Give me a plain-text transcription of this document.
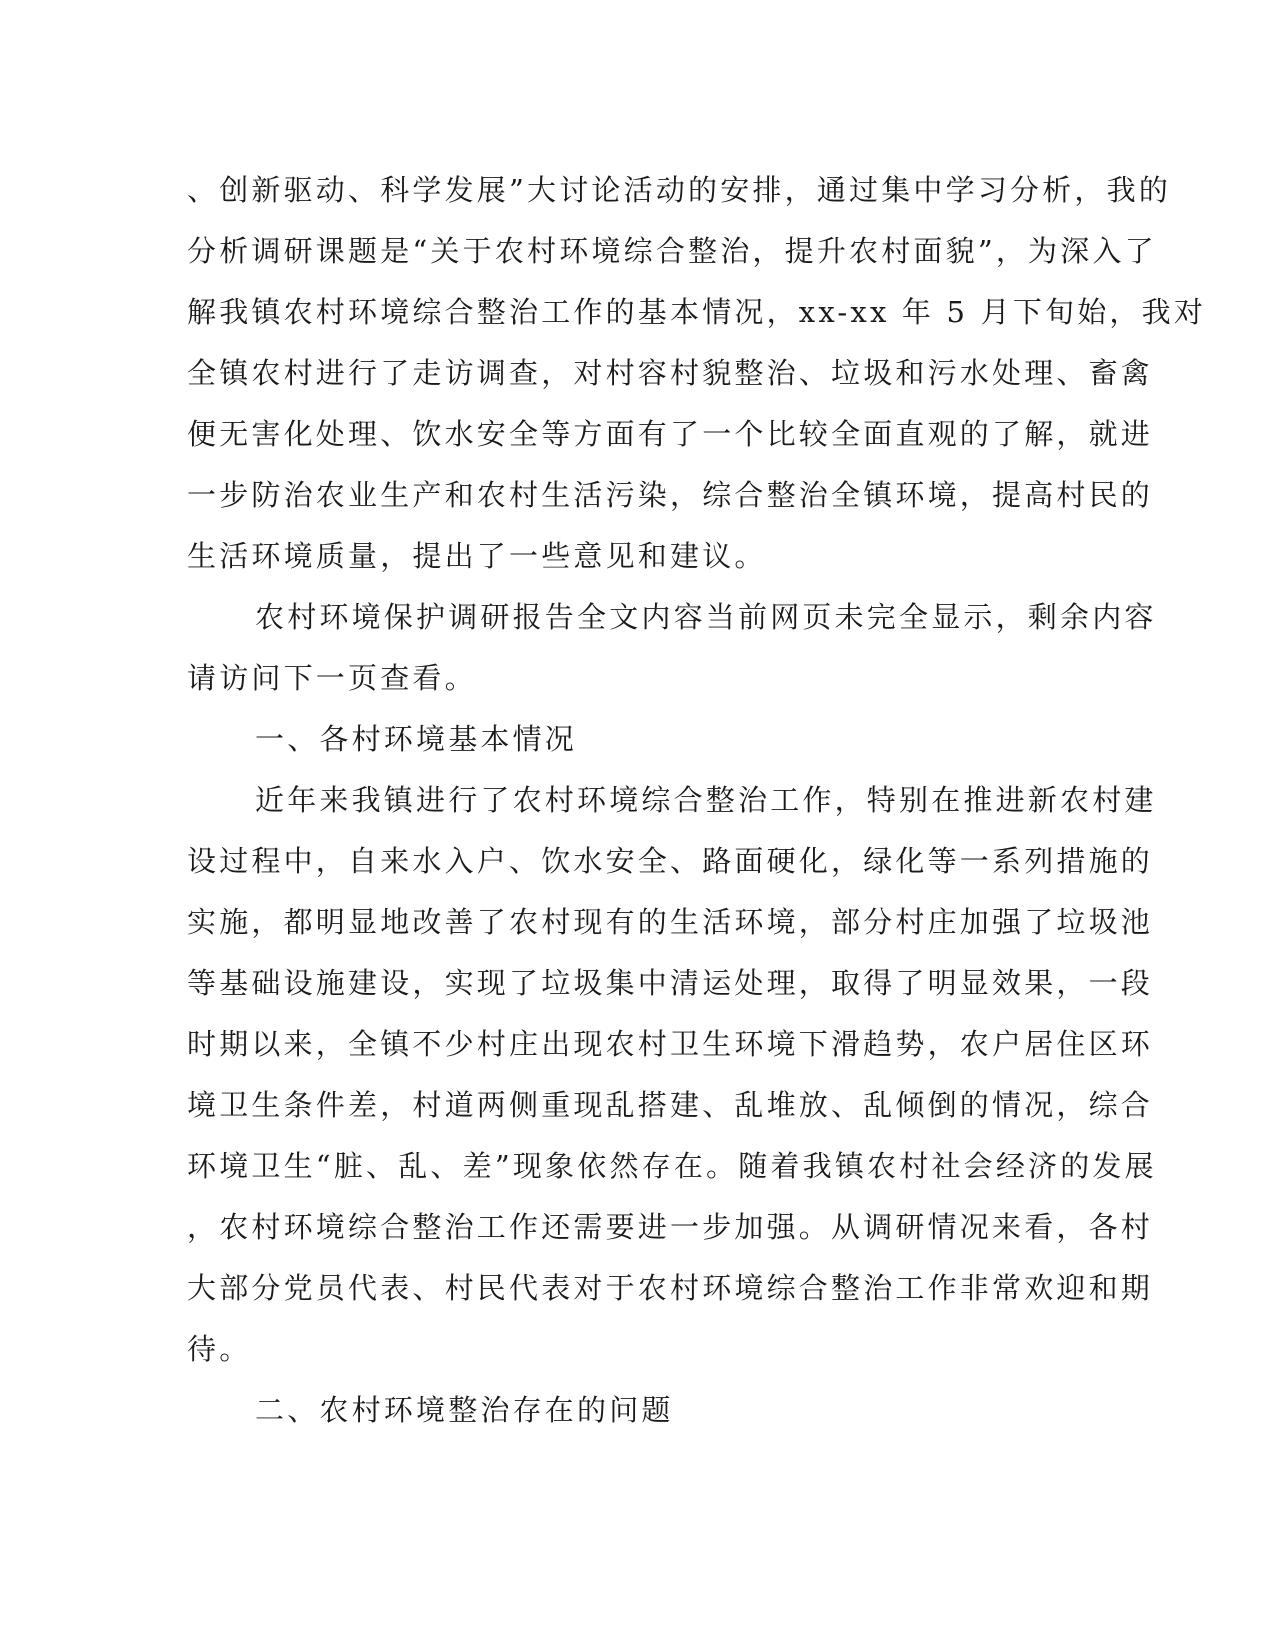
、创新驱动、科学发展”大讨论活动的安排，通过集中学习分析，我的
分析调研课题是“关于农村环境综合整治，提升农村面貌”，为深入了
解我镇农村环境综合整治工作的基本情况，xx-xx 年 5 月下旬始，我对
全镇农村进行了走访调查，对村容村貌整治、垃圾和污水处理、畜禽
便无害化处理、饮水安全等方面有了一个比较全面直观的了解，就进
一步防治农业生产和农村生活污染，综合整治全镇环境，提高村民的
生活环境质量，提出了一些意见和建议。
农村环境保护调研报告全文内容当前网页未完全显示，剩余内容
请访问下一页查看。
一、各村环境基本情况
近年来我镇进行了农村环境综合整治工作，特别在推进新农村建
设过程中，自来水入户、饮水安全、路面硬化，绿化等一系列措施的
实施，都明显地改善了农村现有的生活环境，部分村庄加强了垃圾池
等基础设施建设，实现了垃圾集中清运处理，取得了明显效果，一段
时期以来，全镇不少村庄出现农村卫生环境下滑趋势，农户居住区环
境卫生条件差，村道两侧重现乱搭建、乱堆放、乱倾倒的情况，综合
环境卫生“脏、乱、差”现象依然存在。随着我镇农村社会经济的发展
，农村环境综合整治工作还需要进一步加强。从调研情况来看，各村
大部分党员代表、村民代表对于农村环境综合整治工作非常欢迎和期
待。
二、农村环境整治存在的问题
